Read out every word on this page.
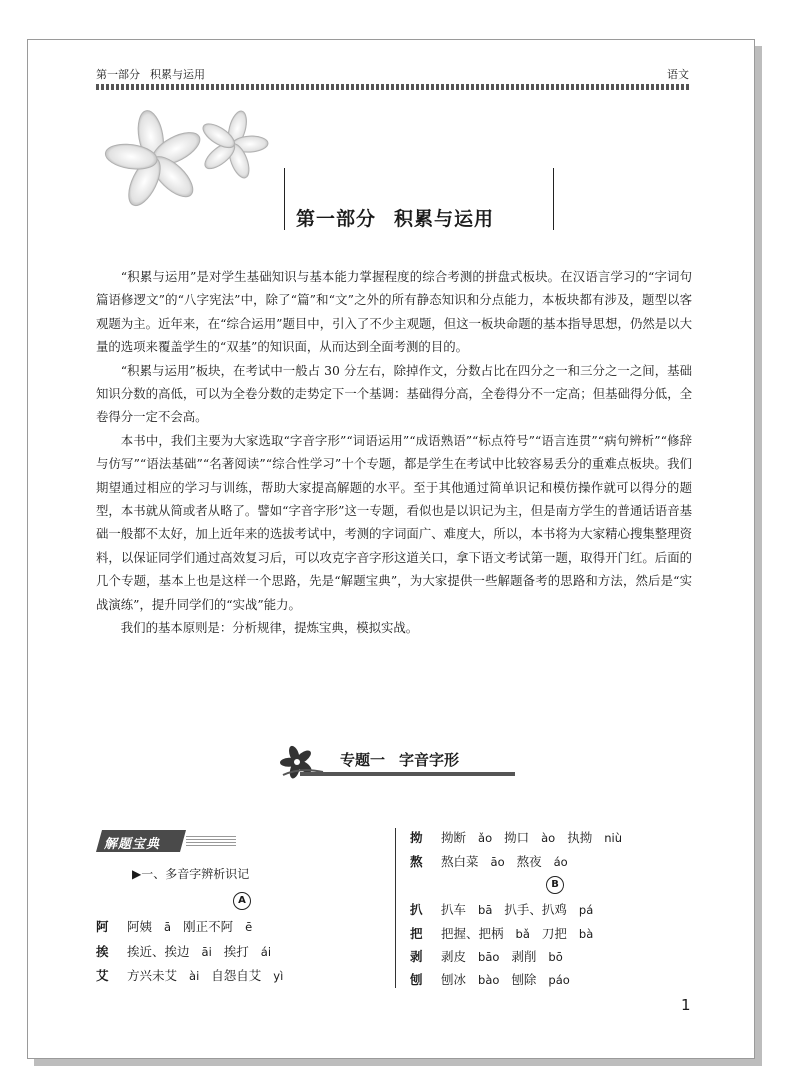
第一部分 积累与运用	语文
第一部分 积累与运用

“积累与运用”是对学生基础知识与基本能力掌握程度的综合考测的拼盘式板块。在汉语言学习的“字词句篇语修逻文”的“八字宪法”中，除了“篇”和“文”之外的所有静态知识和分点能力，本板块都有涉及，题型以客观题为主。近年来，在“综合运用”题目中，引入了不少主观题，但这一板块命题的基本指导思想，仍然是以大量的选项来覆盖学生的“双基”的知识面，从而达到全面考测的目的。

“积累与运用”板块，在考试中一般占 30 分左右，除掉作文，分数占比在四分之一和三分之一之间，基础知识分数的高低，可以为全卷分数的走势定下一个基调：基础得分高，全卷得分不一定高；但基础得分低，全卷得分一定不会高。

本书中，我们主要为大家选取“字音字形”“词语运用”“成语熟语”“标点符号”“语言连贯”“病句辨析”“修辞与仿写”“语法基础”“名著阅读”“综合性学习”十个专题，都是学生在考试中比较容易丢分的重难点板块。我们期望通过相应的学习与训练，帮助大家提高解题的水平。至于其他通过简单识记和模仿操作就可以得分的题型，本书就从简或者从略了。譬如“字音字形”这一专题，看似也是以识记为主，但是南方学生的普通话语音基础一般都不太好，加上近年来的选拔考试中，考测的字词面广、难度大，所以，本书将为大家精心搜集整理资料，以保证同学们通过高效复习后，可以攻克字音字形这道关口，拿下语文考试第一题，取得开门红。后面的几个专题，基本上也是这样一个思路，先是“解题宝典”，为大家提供一些解题备考的思路和方法，然后是“实战演练”，提升同学们的“实战”能力。

我们的基本原则是：分析规律，提炼宝典，模拟实战。

专题一 字音字形
解题宝典
▶一、多音字辨析识记
A
阿 阿姨 ā 刚正不阿 ē
挨 挨近、挨边 āi 挨打 ái
艾 方兴未艾 ài 自怨自艾 yì
拗 拗断 ǎo 拗口 ào 执拗 niù
熬 熬白菜 āo 熬夜 áo
B
扒 扒车 bā 扒手、扒鸡 pá
把 把握、把柄 bǎ 刀把 bà
剥 剥皮 bāo 剥削 bō
刨 刨冰 bào 刨除 páo
1
